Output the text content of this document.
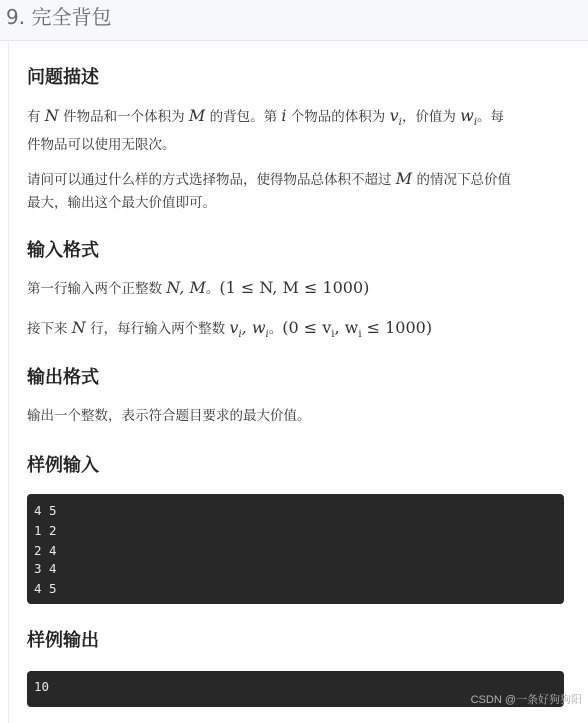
9. 完全背包
问题描述

有 N 件物品和一个体积为 M 的背包。第 i 个物品的体积为 $v_i$，价值为 $w_i$。每
件物品可以使用无限次。

请问可以通过什么样的方式选择物品，使得物品总体积不超过 M 的情况下总价值
最大，输出这个最大价值即可。

输入格式

第一行输入两个正整数 N, M。(1 ≤ N, M ≤ 1000)

接下来 N 行，每行输入两个整数 $v_i$, $w_i$。($0 \le v_i$, $w_i \le 1000$)

输出格式

输出一个整数，表示符合题目要求的最大价值。

样例输入
4 5
1 2
2 4
3 4
4 5
样例输出
10
CSDN @一条好狗狗阳
